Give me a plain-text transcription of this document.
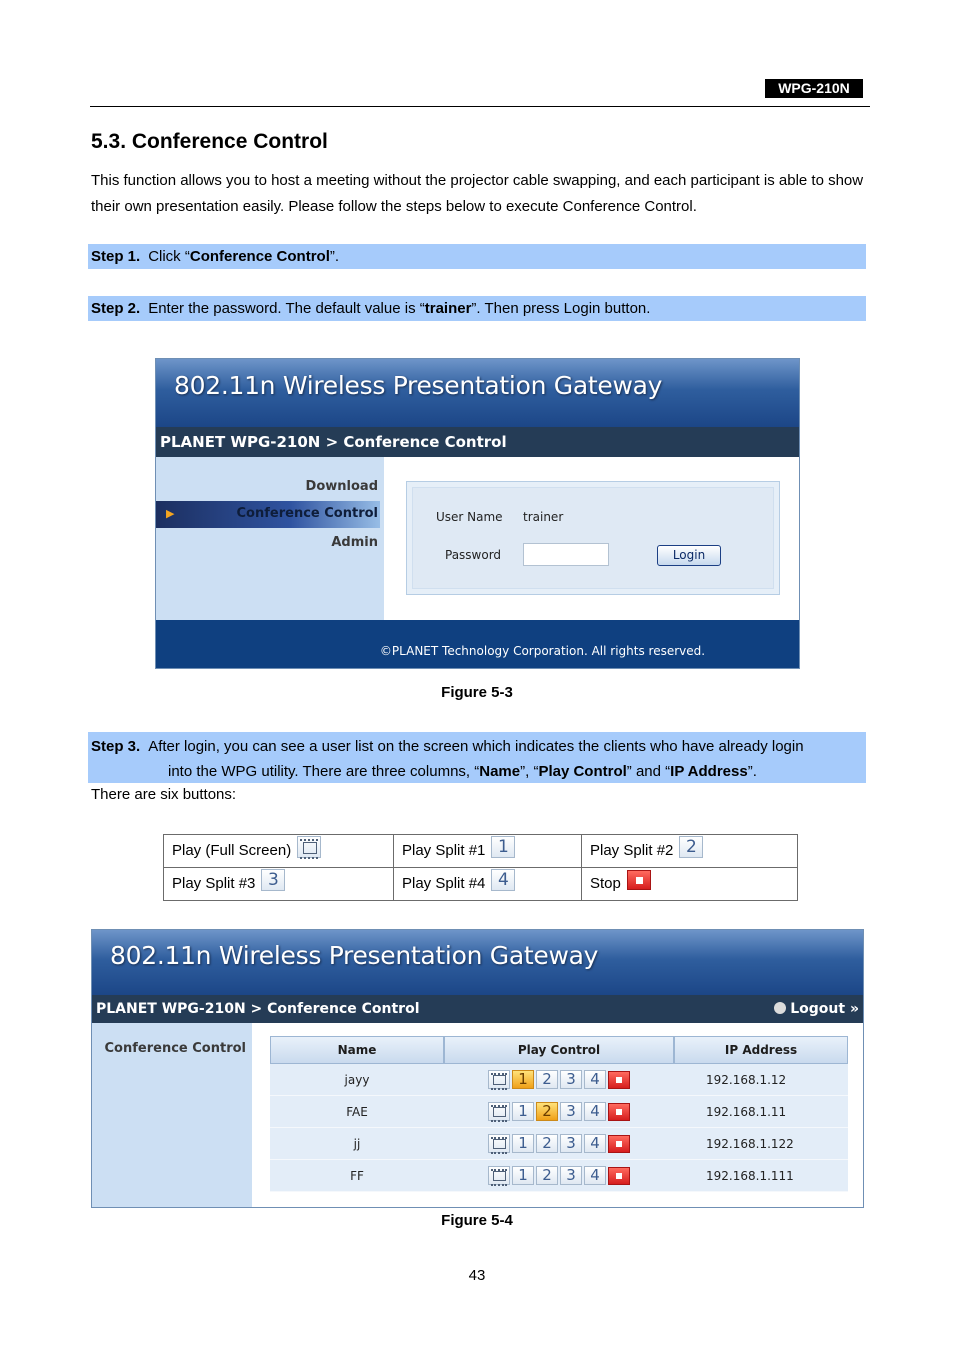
WPG-210N
5.3. Conference Control
This function allows you to host a meeting without the projector cable swapping, and each participant is able to show their own presentation easily. Please follow the steps below to execute Conference Control.
Step 1. Click “Conference Control”.
Step 2. Enter the password. The default value is “trainer”. Then press Login button.
802.11n Wireless Presentation Gateway
PLANET WPG-210N > Conference Control
Download
▶	Conference Control
Admin
User Name trainer
Password	Login
©PLANET Technology Corporation. All rights reserved.
Figure 5-3
Step 3. After login, you can see a user list on the screen which indicates the clients who have already login
into the WPG utility. There are three columns, “Name”, “Play Control” and “IP Address”.
There are six buttons:
Play (Full Screen)	Play Split #1 1	Play Split #2 2
Play Split #3 3	Play Split #4 4	Stop
802.11n Wireless Presentation Gateway
PLANET WPG-210N > Conference Control	Logout »
Conference Control	Name	Play Control	IP Address
jayy	1 2 3 4	192.168.1.12
FAE	1 2 3 4	192.168.1.11
jj	1 2 3 4	192.168.1.122
FF	1 2 3 4	192.168.1.111
Figure 5-4
43
